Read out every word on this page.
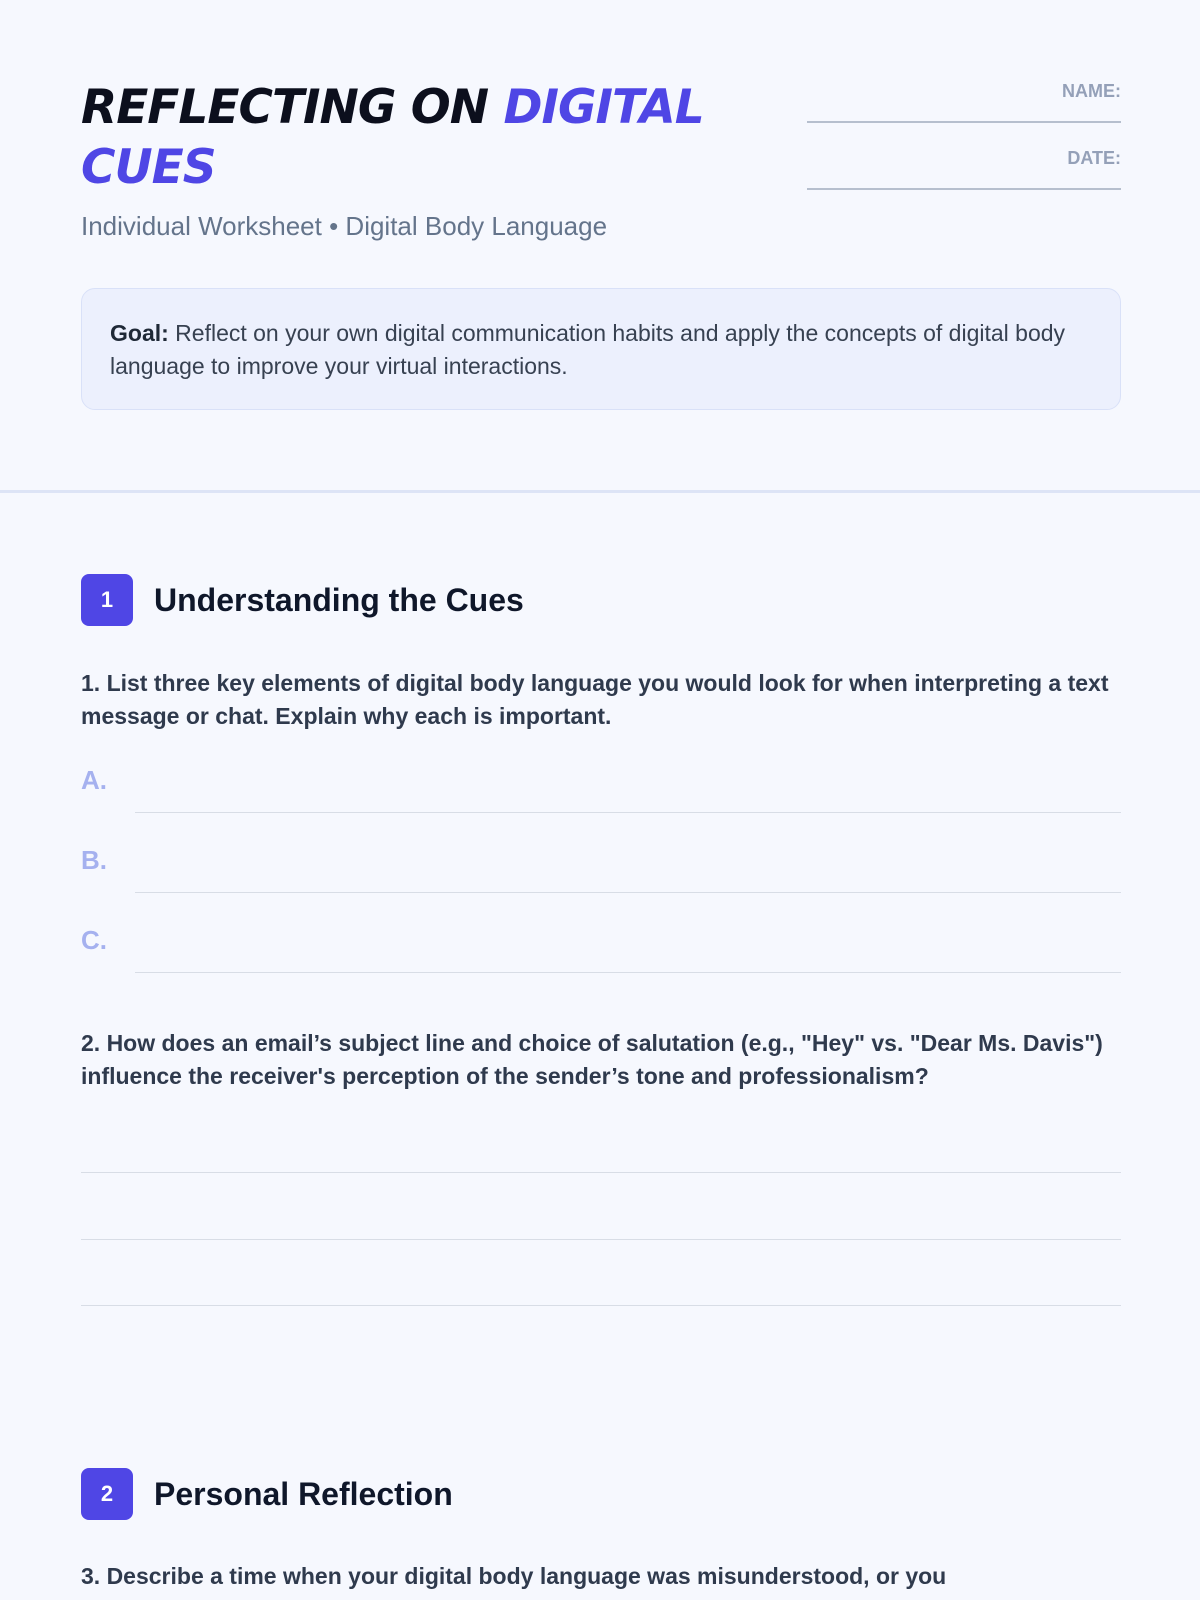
REFLECTING ON DIGITAL CUES
Individual Worksheet • Digital Body Language
NAME:
DATE:
Goal: Reflect on your own digital communication habits and apply the concepts of digital body language to improve your virtual interactions.
1	Understanding the Cues
1. List three key elements of digital body language you would look for when interpreting a text message or chat. Explain why each is important.
A.
B.
C.
2. How does an email’s subject line and choice of salutation (e.g., "Hey" vs. "Dear Ms. Davis") influence the receiver's perception of the sender’s tone and professionalism?
2	Personal Reflection
3. Describe a time when your digital body language was misunderstood, or you
